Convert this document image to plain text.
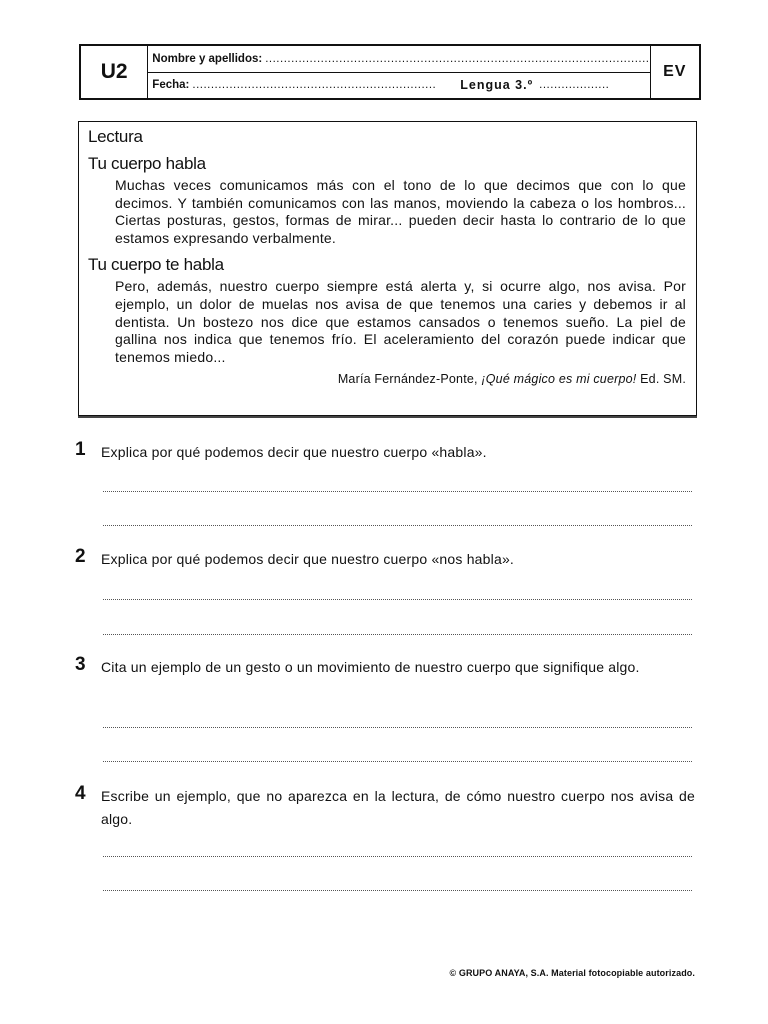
U2
Nombre y apellidos: ........................................................................................................
Fecha: .................................................................. Lengua 3.º ...................
EV
Lectura
Tu cuerpo habla

Muchas veces comunicamos más con el tono de lo que decimos que con lo que decimos. Y también comunicamos con las manos, moviendo la cabeza o los hombros... Ciertas posturas, gestos, formas de mirar... pueden decir hasta lo contrario de lo que estamos expresando verbalmente.

Tu cuerpo te habla

Pero, además, nuestro cuerpo siempre está alerta y, si ocurre algo, nos avisa. Por ejemplo, un dolor de muelas nos avisa de que tenemos una caries y debemos ir al dentista. Un bostezo nos dice que estamos cansados o tenemos sueño. La piel de gallina nos indica que tenemos frío. El aceleramiento del corazón puede indicar que tenemos miedo...

María Fernández-Ponte, ¡Qué mágico es mi cuerpo! Ed. SM.
1 Explica por qué podemos decir que nuestro cuerpo «habla».
2 Explica por qué podemos decir que nuestro cuerpo «nos habla».
3 Cita un ejemplo de un gesto o un movimiento de nuestro cuerpo que signifique algo.
4 Escribe un ejemplo, que no aparezca en la lectura, de cómo nuestro cuerpo nos avisa de algo.
© GRUPO ANAYA, S.A. Material fotocopiable autorizado.
